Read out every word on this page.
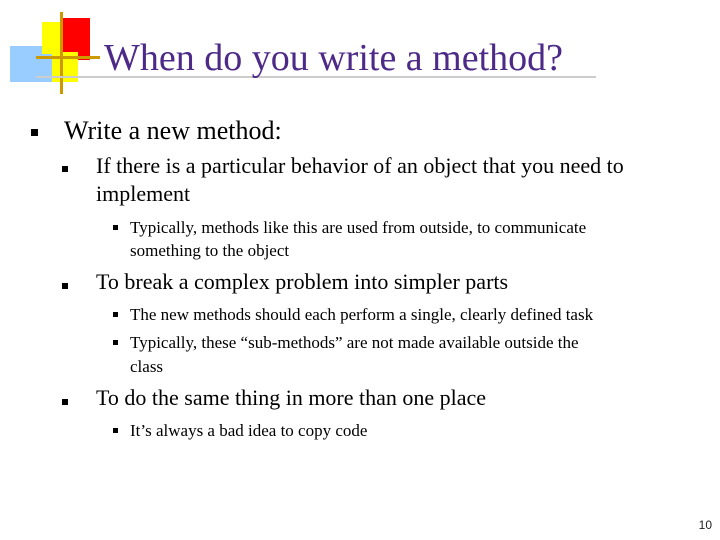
When do you write a method?
Write a new method:
If there is a particular behavior of an object that you need to
implement
Typically, methods like this are used from outside, to communicate
something to the object
To break a complex problem into simpler parts
The new methods should each perform a single, clearly defined task
Typically, these “sub-methods” are not made available outside the
class
To do the same thing in more than one place
It’s always a bad idea to copy code
10
